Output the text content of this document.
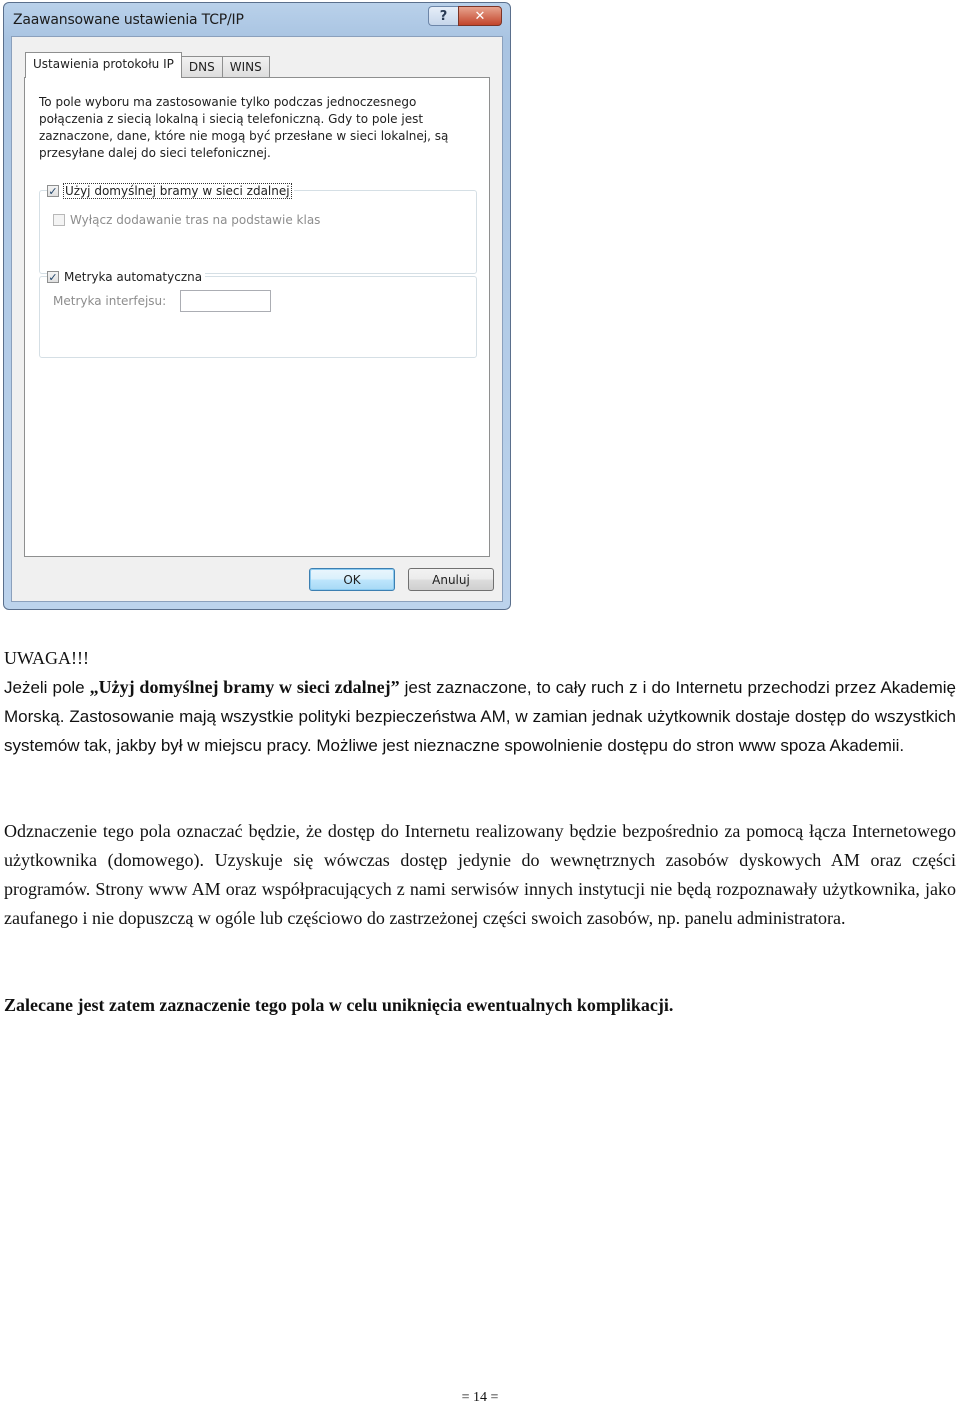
Zaawansowane ustawienia TCP/IP	?	✕
Ustawienia protokołu IP	DNS	WINS
To pole wyboru ma zastosowanie tylko podczas jednoczesnego połączenia z siecią lokalną i siecią telefoniczną. Gdy to pole jest zaznaczone, dane, które nie mogą być przesłane w sieci lokalnej, są przesyłane dalej do sieci telefonicznej.
✓ Użyj domyślnej bramy w sieci zdalnej
Wyłącz dodawanie tras na podstawie klas
✓ Metryka automatyczna
Metryka interfejsu:
OK	Anuluj
UWAGA!!!
Jeżeli pole „Użyj domyślnej bramy w sieci zdalnej” jest zaznaczone, to cały ruch z i do Internetu przechodzi przez Akademię Morską. Zastosowanie mają wszystkie polityki bezpieczeństwa AM, w zamian jednak użytkownik dostaje dostęp do wszystkich systemów tak, jakby był w miejscu pracy. Możliwe jest nieznaczne spowolnienie dostępu do stron www spoza Akademii.
Odznaczenie tego pola oznaczać będzie, że dostęp do Internetu realizowany będzie bezpośrednio za pomocą łącza Internetowego użytkownika (domowego). Uzyskuje się wówczas dostęp jedynie do wewnętrznych zasobów dyskowych AM oraz części programów. Strony www AM oraz współpracujących z nami serwisów innych instytucji nie będą rozpoznawały użytkownika, jako zaufanego i nie dopuszczą w ogóle lub częściowo do zastrzeżonej części swoich zasobów, np. panelu administratora.
Zalecane jest zatem zaznaczenie tego pola w celu uniknięcia ewentualnych komplikacji.
= 14 =
